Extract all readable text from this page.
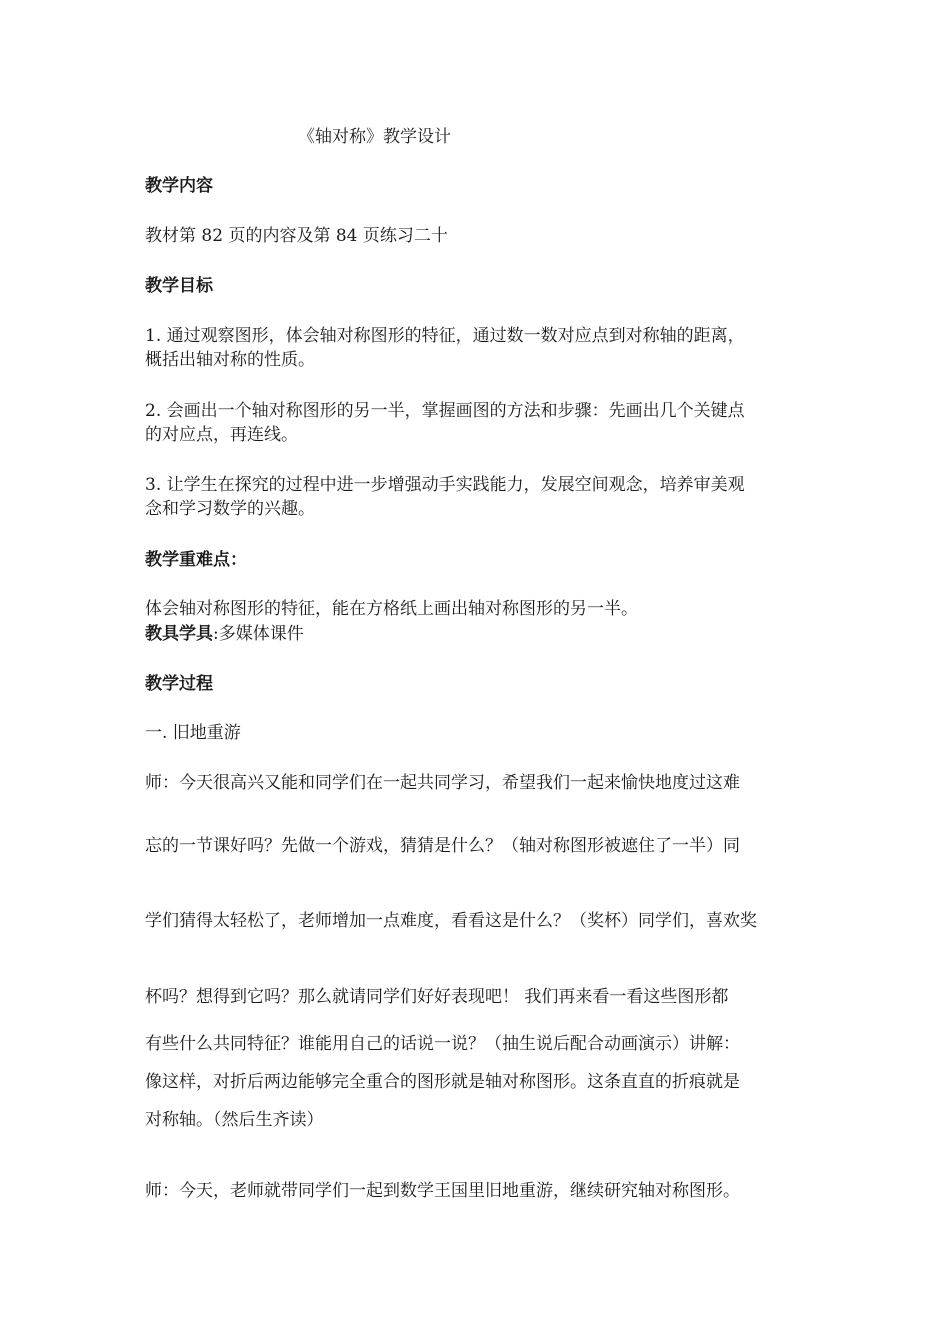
《轴对称》教学设计
教学内容
教材第 82 页的内容及第 84 页练习二十
教学目标
1. 通过观察图形，体会轴对称图形的特征，通过数一数对应点到对称轴的距离，
概括出轴对称的性质。
2. 会画出一个轴对称图形的另一半，掌握画图的方法和步骤：先画出几个关键点
的对应点，再连线。
3. 让学生在探究的过程中进一步增强动手实践能力，发展空间观念，培养审美观
念和学习数学的兴趣。
教学重难点：
体会轴对称图形的特征，能在方格纸上画出轴对称图形的另一半。
教具学具:多媒体课件
教学过程
一. 旧地重游
师：今天很高兴又能和同学们在一起共同学习，希望我们一起来愉快地度过这难
忘的一节课好吗？先做一个游戏，猜猜是什么？（轴对称图形被遮住了一半）同
学们猜得太轻松了，老师增加一点难度，看看这是什么？（奖杯）同学们，喜欢奖
杯吗？想得到它吗？那么就请同学们好好表现吧！ 我们再来看一看这些图形都
有些什么共同特征？谁能用自己的话说一说？（抽生说后配合动画演示）讲解：
像这样，对折后两边能够完全重合的图形就是轴对称图形。这条直直的折痕就是
对称轴。（然后生齐读）
师：今天，老师就带同学们一起到数学王国里旧地重游，继续研究轴对称图形。
